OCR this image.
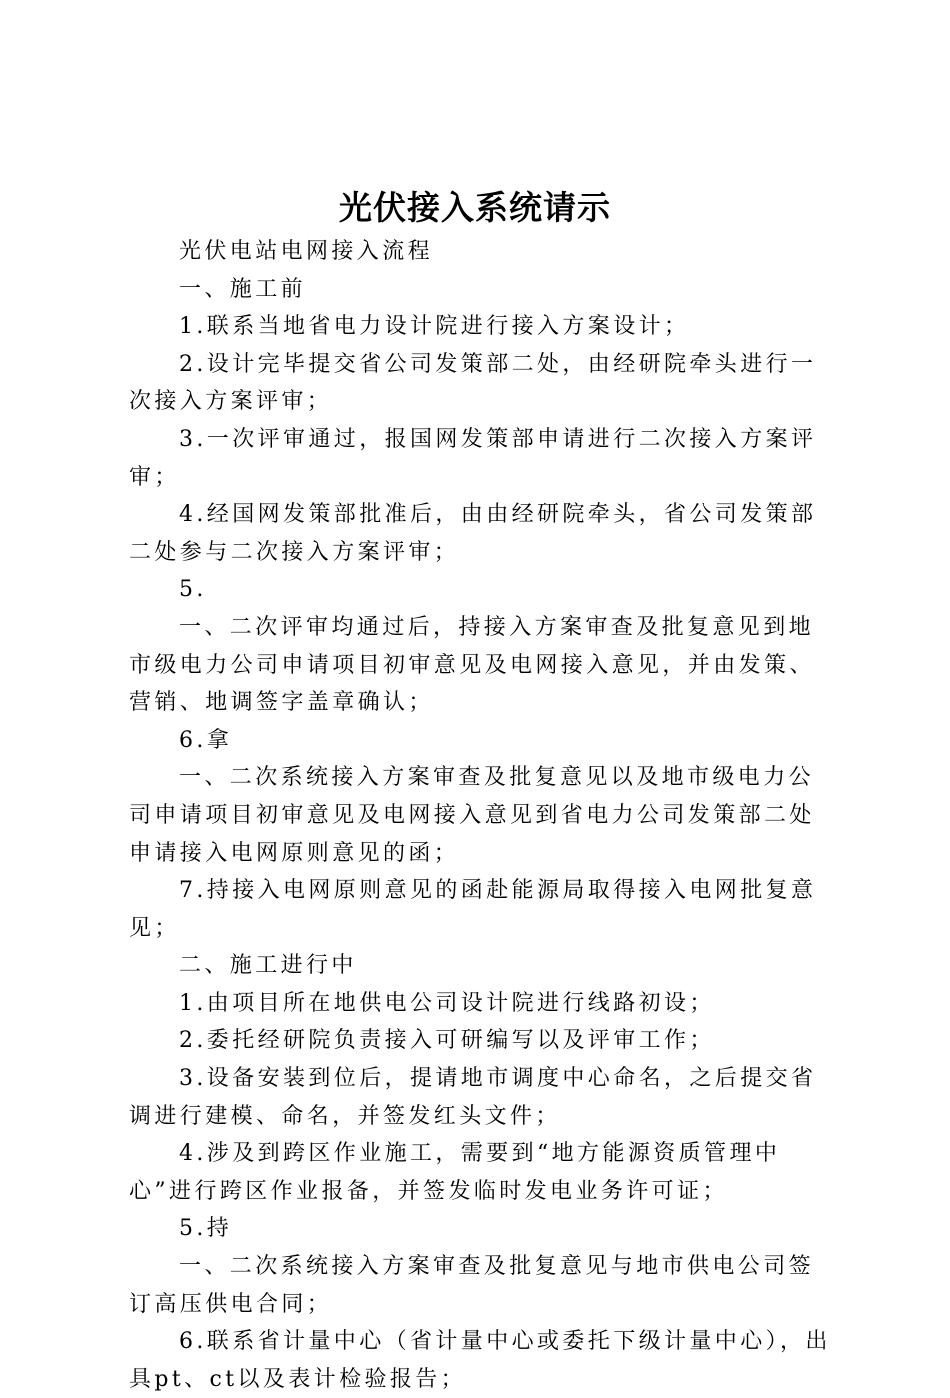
光伏接入系统请示

光伏电站电网接入流程

一、施工前

1.联系当地省电力设计院进行接入方案设计；

2.设计完毕提交省公司发策部二处，由经研院牵头进行一次接入方案评审；

3.一次评审通过，报国网发策部申请进行二次接入方案评审；

4.经国网发策部批准后，由由经研院牵头，省公司发策部二处参与二次接入方案评审；

5.

一、二次评审均通过后，持接入方案审查及批复意见到地市级电力公司申请项目初审意见及电网接入意见，并由发策、营销、地调签字盖章确认；

6.拿

一、二次系统接入方案审查及批复意见以及地市级电力公司申请项目初审意见及电网接入意见到省电力公司发策部二处申请接入电网原则意见的函；

7.持接入电网原则意见的函赴能源局取得接入电网批复意见；

二、施工进行中

1.由项目所在地供电公司设计院进行线路初设；

2.委托经研院负责接入可研编写以及评审工作；

3.设备安装到位后，提请地市调度中心命名，之后提交省调进行建模、命名，并签发红头文件；

4.涉及到跨区作业施工，需要到“地方能源资质管理中心”进行跨区作业报备，并签发临时发电业务许可证；

5.持

一、二次系统接入方案审查及批复意见与地市供电公司签订高压供电合同；

6.联系省计量中心（省计量中心或委托下级计量中心），出具pt、ct以及表计检验报告；
